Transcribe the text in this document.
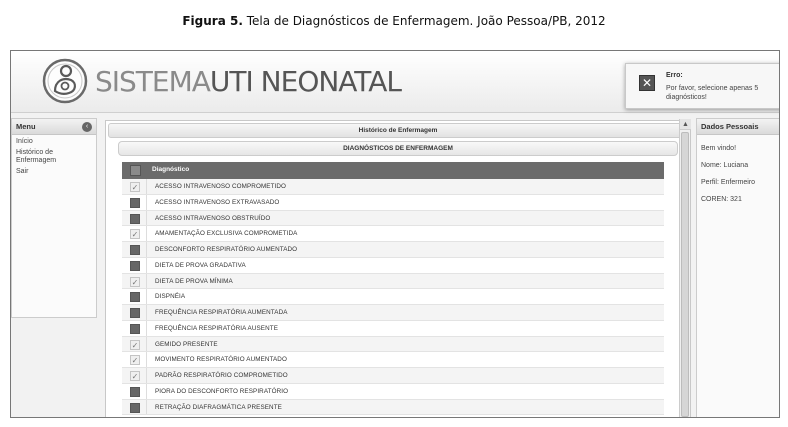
Figura 5. Tela de Diagnósticos de Enfermagem. João Pessoa/PB, 2012
SISTEMAUTI NEONATAL	✕
Erro:
Por favor, selecione apenas 5 diagnósticos!
Menu	‹
Início
Histórico de Enfermagem
Sair
Histórico de Enfermagem
DIAGNÓSTICOS DE ENFERMAGEM
Diagnóstico
✓	ACESSO INTRAVENOSO COMPROMETIDO
ACESSO INTRAVENOSO EXTRAVASADO
ACESSO INTRAVENOSO OBSTRUÍDO
✓	AMAMENTAÇÃO EXCLUSIVA COMPROMETIDA
DESCONFORTO RESPIRATÓRIO AUMENTADO
DIETA DE PROVA GRADATIVA
✓	DIETA DE PROVA MÍNIMA
DISPNÉIA
FREQUÊNCIA RESPIRATÓRIA AUMENTADA
FREQUÊNCIA RESPIRATÓRIA AUSENTE
✓	GEMIDO PRESENTE
✓	MOVIMENTO RESPIRATÓRIO AUMENTADO
✓	PADRÃO RESPIRATÓRIO COMPROMETIDO
PIORA DO DESCONFORTO RESPIRATÓRIO
RETRAÇÃO DIAFRAGMÁTICA PRESENTE
▲	Dados Pessoais
Bem vindo!
Nome: Luciana
Perfil: Enfermeiro
COREN: 321
